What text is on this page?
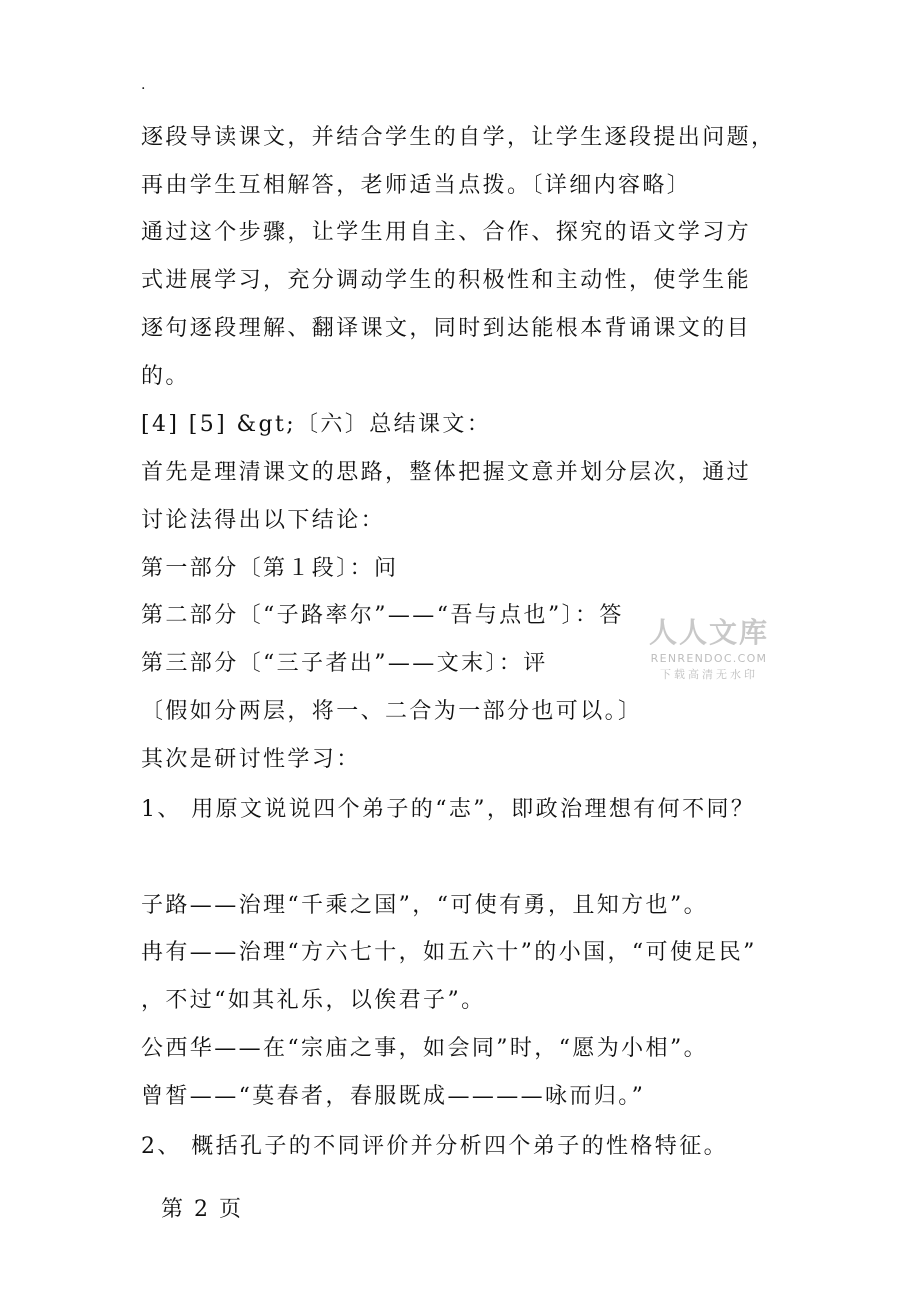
.
逐段导读课文，并结合学生的自学，让学生逐段提出问题，
再由学生互相解答，老师适当点拨。〔详细内容略〕
通过这个步骤，让学生用自主、合作、探究的语文学习方
式进展学习，充分调动学生的积极性和主动性，使学生能
逐句逐段理解、翻译课文，同时到达能根本背诵课文的目
的。
[4] [5] &gt;〔六〕总结课文：
首先是理清课文的思路，整体把握文意并划分层次，通过
讨论法得出以下结论：
第一部分〔第１段〕：问
第二部分〔“子路率尔”——“吾与点也”〕：答
第三部分〔“三子者出”——文末〕：评
〔假如分两层，将一、二合为一部分也可以。〕
其次是研讨性学习：
1、 用原文说说四个弟子的“志”，即政治理想有何不同？
子路——治理“千乘之国”，“可使有勇，且知方也”。
冉有——治理“方六七十，如五六十”的小国，“可使足民”
，不过“如其礼乐，以俟君子”。
公西华——在“宗庙之事，如会同”时，“愿为小相”。
曾皙——“莫春者，春服既成————咏而归。”
2、 概括孔子的不同评价并分析四个弟子的性格特征。
人人文库
RENRENDOC.COM
下载高清无水印
第 2 页
